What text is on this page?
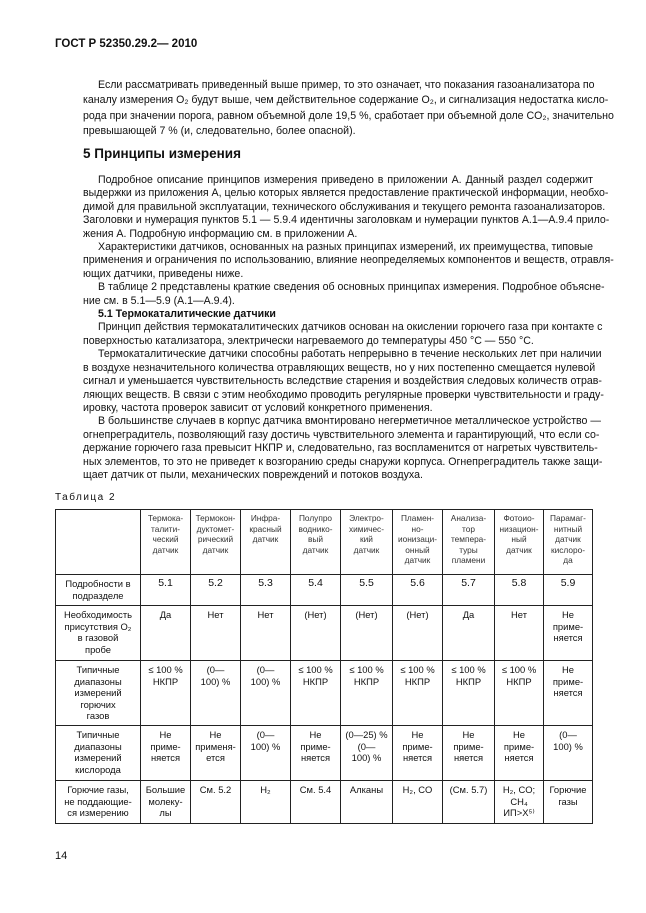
ГОСТ Р 52350.29.2— 2010
Если рассматривать приведенный выше пример, то это означает, что показания газоанализатора по
каналу измерения O₂ будут выше, чем действительное содержание O₂, и сигнализация недостатка кисло-
рода при значении порога, равном объемной доле 19,5 %, сработает при объемной доле CO₂, значительно
превышающей 7 % (и, следовательно, более опасной).
5 Принципы измерения
Подробное описание принципов измерения приведено в приложении А. Данный раздел содержит
выдержки из приложения А, целью которых является предоставление практической информации, необхо-
димой для правильной эксплуатации, технического обслуживания и текущего ремонта газоанализаторов.
Заголовки и нумерация пунктов 5.1 — 5.9.4 идентичны заголовкам и нумерации пунктов А.1—А.9.4 прило-
жения А. Подробную информацию см. в приложении А.
Характеристики датчиков, основанных на разных принципах измерений, их преимущества, типовые
применения и ограничения по использованию, влияние неопределяемых компонентов и веществ, отравля-
ющих датчики, приведены ниже.
В таблице 2 представлены краткие сведения об основных принципах измерения. Подробное объясне-
ние см. в 5.1—5.9 (А.1—А.9.4).
5.1 Термокаталитические датчики
Принцип действия термокаталитических датчиков основан на окислении горючего газа при контакте с
поверхностью катализатора, электрически нагреваемого до температуры 450 °C — 550 °C.
Термокаталитические датчики способны работать непрерывно в течение нескольких лет при наличии
в воздухе незначительного количества отравляющих веществ, но у них постепенно смещается нулевой
сигнал и уменьшается чувствительность вследствие старения и воздействия следовых количеств отрав-
ляющих веществ. В связи с этим необходимо проводить регулярные проверки чувствительности и граду-
ировку, частота проверок зависит от условий конкретного применения.
В большинстве случаев в корпус датчика вмонтировано негерметичное металлическое устройство —
огнепреградитель, позволяющий газу достичь чувствительного элемента и гарантирующий, что если со-
держание горючего газа превысит НКПР и, следовательно, газ воспламенится от нагретых чувствитель-
ных элементов, то это не приведет к возгоранию среды снаружи корпуса. Огнепреградитель также защи-
щает датчик от пыли, механических повреждений и потоков воздуха.
Таблица 2
	Термока-
талити-
ческий
датчик	Термокон-
дуктомет-
рический
датчик	Инфра-
красный
датчик	Полупро
воднико-
вый
датчик	Электро-
химичес-
кий
датчик	Пламен-
но-
ионизаци-
онный
датчик	Анализа-
тор
темпера-
туры
пламени	Фотоио-
низацион-
ный
датчик	Парамаг-
нитный
датчик
кислоро-
да
Подробности в
подразделе	5.1	5.2	5.3	5.4	5.5	5.6	5.7	5.8	5.9
Необходимость
присутствия O₂
в газовой
пробе	Да	Нет	Нет	(Нет)	(Нет)	(Нет)	Да	Нет	Не
приме-
няется
Типичные
диапазоны
измерений
горючих
газов	≤ 100 %
НКПР	(0—
100) %	(0—
100) %	≤ 100 %
НКПР	≤ 100 %
НКПР	≤ 100 %
НКПР	≤ 100 %
НКПР	≤ 100 %
НКПР	Не
приме-
няется
Типичные
диапазоны
измерений
кислорода	Не
приме-
няется	Не
применя-
ется	(0—
100) %	Не
приме-
няется	(0—25) %
(0—
100) %	Не
приме-
няется	Не
приме-
няется	Не
приме-
няется	(0—
100) %
Горючие газы,
не поддающие-
ся измерению	Большие
молеку-
лы	См. 5.2	H₂	См. 5.4	Алканы	H₂, CO	(См. 5.7)	H₂, CO;
CH₄
ИП>X⁵⁾	Горючие
газы
14
